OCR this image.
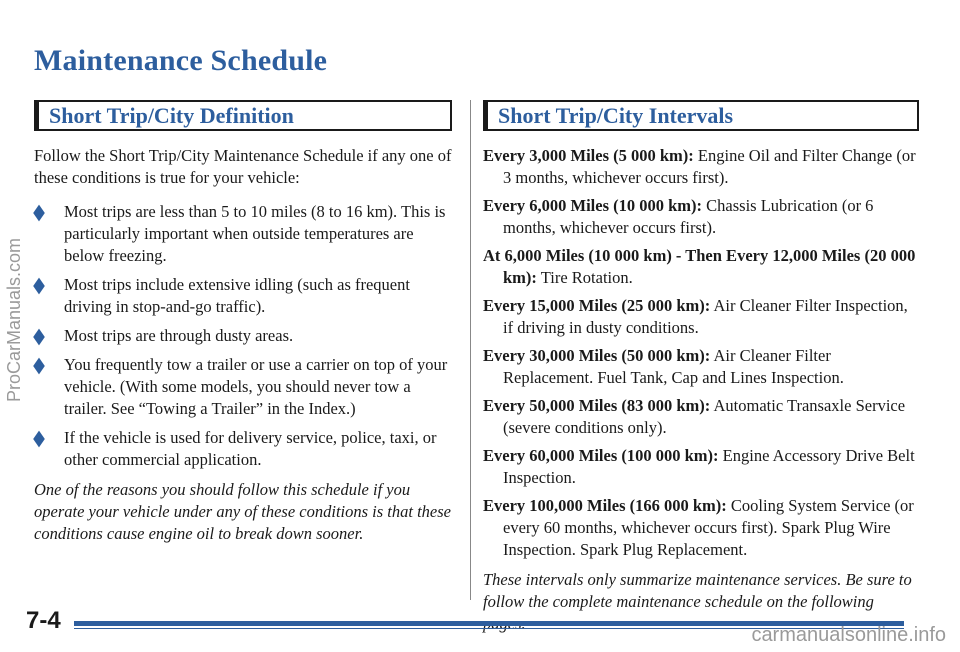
Maintenance Schedule
ProCarManuals.com
Short Trip/City Definition

Follow the Short Trip/City Maintenance Schedule if any one of these conditions is true for your vehicle:

Most trips are less than 5 to 10 miles (8 to 16 km). This is particularly important when outside temperatures are below freezing.
Most trips include extensive idling (such as frequent driving in stop-and-go traffic).
Most trips are through dusty areas.
You frequently tow a trailer or use a carrier on top of your vehicle. (With some models, you should never tow a trailer. See “Towing a Trailer” in the Index.)
If the vehicle is used for delivery service, police, taxi, or other commercial application.

One of the reasons you should follow this schedule if you operate your vehicle under any of these conditions is that these conditions cause engine oil to break down sooner.

Short Trip/City Intervals
Every 3,000 Miles (5 000 km): Engine Oil and Filter Change (or 3 months, whichever occurs first).
Every 6,000 Miles (10 000 km): Chassis Lubrication (or 6 months, whichever occurs first).
At 6,000 Miles (10 000 km) - Then Every 12,000 Miles (20 000 km): Tire Rotation.
Every 15,000 Miles (25 000 km): Air Cleaner Filter Inspection, if driving in dusty conditions.
Every 30,000 Miles (50 000 km): Air Cleaner Filter Replacement. Fuel Tank, Cap and Lines Inspection.
Every 50,000 Miles (83 000 km): Automatic Transaxle Service (severe conditions only).
Every 60,000 Miles (100 000 km): Engine Accessory Drive Belt Inspection.
Every 100,000 Miles (166 000 km): Cooling System Service (or every 60 months, whichever occurs first). Spark Plug Wire Inspection. Spark Plug Replacement.

These intervals only summarize maintenance services. Be sure to follow the complete maintenance schedule on the following

7-4
carmanualsonline.info
